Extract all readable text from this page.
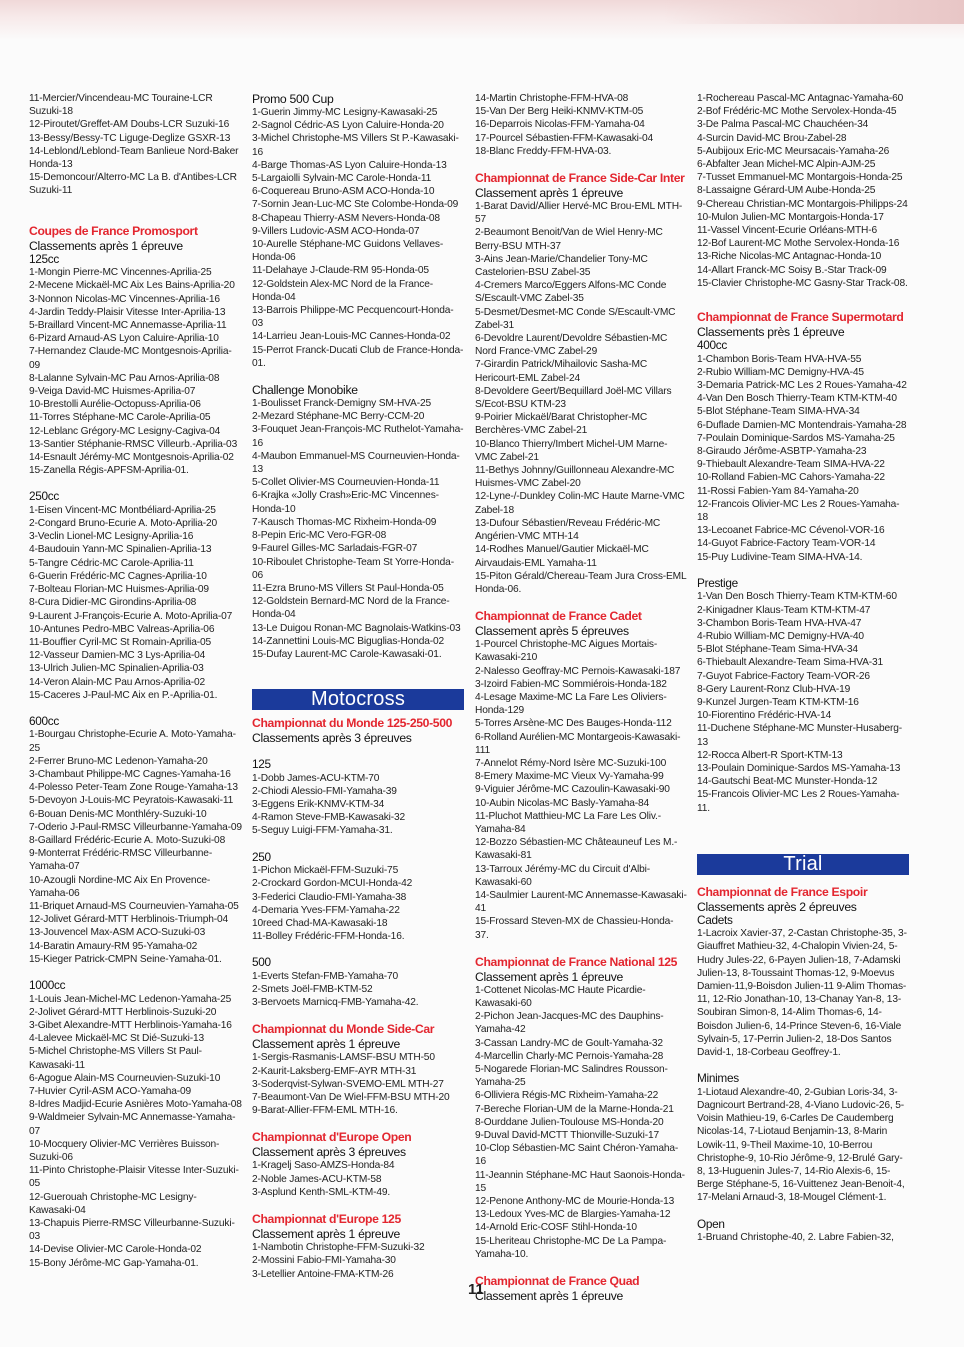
11-Mercier/Vincendeau-MC Touraine-LCR Suzuki-18
12-Piroutet/Greffet-AM Doubs-LCR Suzuki-16
13-Bessy/Bessy-TC Liguge-Deglize GSXR-13
14-Leblond/Leblond-Team Banlieue Nord-Baker Honda-13
15-Demoncour/Alterro-MC La B. d'Antibes-LCR Suzuki-11
Coupes de France Promosport
Classements après 1 épreuve
125cc
1-Mongin Pierre-MC Vincennes-Aprilia-25
2-Mecene Mickaël-MC Aix Les Bains-Aprilia-20
3-Nonnon Nicolas-MC Vincennes-Aprilia-16
4-Jardin Teddy-Plaisir Vitesse Inter-Aprilia-13
5-Braillard Vincent-MC Annemasse-Aprilia-11
6-Pizard Arnaud-AS Lyon Caluire-Aprilia-10
7-Hernandez Claude-MC Montgesnois-Aprilia-09
8-Lalanne Sylvain-MC Pau Arnos-Aprilia-08
9-Veiga David-MC Huismes-Aprilia-07
10-Brestolli Aurélie-Octopuss-Aprilia-06
11-Torres Stéphane-MC Carole-Aprilia-05
12-Leblanc Grégory-MC Lesigny-Cagiva-04
13-Santier Stéphanie-RMSC Villeurb.-Aprilia-03
14-Esnault Jérémy-MC Montgesnois-Aprilia-02
15-Zanella Régis-APFSM-Aprilia-01.
250cc
1-Eisen Vincent-MC Montbéliard-Aprilia-25
2-Congard Bruno-Ecurie A. Moto-Aprilia-20
3-Veclin Lionel-MC Lesigny-Aprilia-16
4-Baudouin Yann-MC Spinalien-Aprilia-13
5-Tangre Cédric-MC Carole-Aprilia-11
6-Guerin Frédéric-MC Cagnes-Aprilia-10
7-Bolteau Florian-MC Huismes-Aprilia-09
8-Cura Didier-MC Girondins-Aprilia-08
9-Laurent J-François-Ecurie A. Moto-Aprilia-07
10-Antunes Pedro-MBC Valreas-Aprilia-06
11-Bouffier Cyril-MC St Romain-Aprilia-05
12-Vasseur Damien-MC 3 Lys-Aprilia-04
13-Ulrich Julien-MC Spinalien-Aprilia-03
14-Veron Alain-MC Pau Arnos-Aprilia-02
15-Caceres J-Paul-MC Aix en P.-Aprilia-01.
600cc
1-Bourgau Christophe-Ecurie A. Moto-Yamaha-25
2-Ferrer Bruno-MC Ledenon-Yamaha-20
3-Chambaut Philippe-MC Cagnes-Yamaha-16
4-Polesso Peter-Team Zone Rouge-Yamaha-13
5-Devoyon J-Louis-MC Peyratois-Kawasaki-11
6-Bouan Denis-MC Monthléry-Suzuki-10
7-Oderio J-Paul-RMSC Villeurbanne-Yamaha-09
8-Gaillard Frédéric-Ecurie A. Moto-Suzuki-08
9-Monterrat Frédéric-RMSC Villeurbanne-Yamaha-07
10-Azougli Nordine-MC Aix En Provence-Yamaha-06
11-Briquet Arnaud-MS Courneuvien-Yamaha-05
12-Jolivet Gérard-MTT Herblinois-Triumph-04
13-Jouvencel Max-ASM ACO-Suzuki-03
14-Baratin Amaury-RM 95-Yamaha-02
15-Kieger Patrick-CMPN Seine-Yamaha-01.
1000cc
1-Louis Jean-Michel-MC Ledenon-Yamaha-25
2-Jolivet Gérard-MTT Herblinois-Suzuki-20
3-Gibet Alexandre-MTT Herblinois-Yamaha-16
4-Lalevee Mickaël-MC St Dié-Suzuki-13
5-Michel Christophe-MS Villers St Paul-Kawasaki-11
6-Agogue Alain-MS Courneuvien-Suzuki-10
7-Huvier Cyril-ASM ACO-Yamaha-09
8-Idres Madjid-Ecurie Asnières Moto-Yamaha-08
9-Waldmeier Sylvain-MC Annemasse-Yamaha-07
10-Mocquery Olivier-MC Verrières Buisson-Suzuki-06
11-Pinto Christophe-Plaisir Vitesse Inter-Suzuki-05
12-Guerouah Christophe-MC Lesigny-Kawasaki-04
13-Chapuis Pierre-RMSC Villeurbanne-Suzuki-03
14-Devise Olivier-MC Carole-Honda-02
15-Bony Jérôme-MC Gap-Yamaha-01.
Promo 500 Cup
1-Guerin Jimmy-MC Lesigny-Kawasaki-25
2-Sagnol Cédric-AS Lyon Caluire-Honda-20
3-Michel Christophe-MS Villers St P.-Kawasaki-16
4-Barge Thomas-AS Lyon Caluire-Honda-13
5-Largaiolli Sylvain-MC Carole-Honda-11
6-Coquereau Bruno-ASM ACO-Honda-10
7-Sornin Jean-Luc-MC Ste Colombe-Honda-09
8-Chapeau Thierry-ASM Nevers-Honda-08
9-Villers Ludovic-ASM ACO-Honda-07
10-Aurelle Stéphane-MC Guidons Vellaves-Honda-06
11-Delahaye J-Claude-RM 95-Honda-05
12-Goldstein Alex-MC Nord de la France-Honda-04
13-Barrois Philippe-MC Pecquencourt-Honda-03
14-Larrieu Jean-Louis-MC Cannes-Honda-02
15-Perrot Franck-Ducati Club de France-Honda-01.
Challenge Monobike
1-Boulisset Franck-Demigny SM-HVA-25
2-Mezard Stéphane-MC Berry-CCM-20
3-Fouquet Jean-François-MC Ruthelot-Yamaha-16
4-Maubon Emmanuel-MS Courneuvien-Honda-13
5-Collet Olivier-MS Courneuvien-Honda-11
6-Krajka «Jolly Crash»Eric-MC Vincennes-Honda-10
7-Kausch Thomas-MC Rixheim-Honda-09
8-Pepin Eric-MC Vero-FGR-08
9-Faurel Gilles-MC Sarladais-FGR-07
10-Riboulet Christophe-Team St Yorre-Honda-06
11-Ezra Bruno-MS Villers St Paul-Honda-05
12-Goldstein Bernard-MC Nord de la France-Honda-04
13-Le Duigou Ronan-MC Bagnolais-Watkins-03
14-Zannettini Louis-MC Biguglias-Honda-02
15-Dufay Laurent-MC Carole-Kawasaki-01.
Motocross
Championnat du Monde 125-250-500
Classements après 3 épreuves
125
1-Dobb James-ACU-KTM-70
2-Chiodi Alessio-FMI-Yamaha-39
3-Eggens Erik-KNMV-KTM-34
4-Ramon Steve-FMB-Kawasaki-32
5-Seguy Luigi-FFM-Yamaha-31.
250
1-Pichon Mickaël-FFM-Suzuki-75
2-Crockard Gordon-MCUI-Honda-42
3-Federici Claudio-FMI-Yamaha-38
4-Demaria Yves-FFM-Yamaha-22
10reed Chad-MA-Kawasaki-18
11-Bolley Frédéric-FFM-Honda-16.
500
1-Everts Stefan-FMB-Yamaha-70
2-Smets Joël-FMB-KTM-52
3-Bervoets Marnicq-FMB-Yamaha-42.
Championnat du Monde Side-Car
Classement après 1 épreuve
1-Sergis-Rasmanis-LAMSF-BSU MTH-50
2-Kaurit-Laksberg-EMF-AYR MTH-31
3-Soderqvist-Sylwan-SVEMO-EML MTH-27
7-Beaumont-Van De Wiel-FFM-BSU MTH-20
9-Barat-Allier-FFM-EML MTH-16.
Championnat d'Europe Open
Classement après 3 épreuves
1-Kragelj Saso-AMZS-Honda-84
2-Noble James-ACU-KTM-58
3-Asplund Kenth-SML-KTM-49.
Championnat d'Europe 125
Classement après 1 épreuve
1-Nambotin Christophe-FFM-Suzuki-32
2-Mossini Fabio-FMI-Yamaha-30
3-Letellier Antoine-FMA-KTM-26
14-Martin Christophe-FFM-HVA-08
15-Van Der Berg Heiki-KNMV-KTM-05
16-Deparrois Nicolas-FFM-Yamaha-04
17-Pourcel Sébastien-FFM-Kawasaki-04
18-Blanc Freddy-FFM-HVA-03.
Championnat de France Side-Car Inter
Classement après 1 épreuve
1-Barat David/Allier Hervé-MC Brou-EML MTH-57
2-Beaumont Benoit/Van de Wiel Henry-MC Berry-BSU MTH-37
3-Ains Jean-Marie/Chandelier Tony-MC Castelorien-BSU Zabel-35
4-Cremers Marco/Eggers Alfons-MC Conde S/Escault-VMC Zabel-35
5-Desmet/Desmet-MC Conde S/Escault-VMC Zabel-31
6-Devoldre Laurent/Devoldre Sébastien-MC Nord France-VMC Zabel-29
7-Girardin Patrick/Mihailovic Sasha-MC Hericourt-EML Zabel-24
8-Devoldere Geert/Bequillard Joël-MC Villars S/Ecot-BSU KTM-23
9-Poirier Mickaël/Barat Christopher-MC Berchères-VMC Zabel-21
10-Blanco Thierry/Imbert Michel-UM Marne-VMC Zabel-21
11-Bethys Johnny/Guillonneau Alexandre-MC Huismes-VMC Zabel-20
12-Lyne-/-Dunkley Colin-MC Haute Marne-VMC Zabel-18
13-Dufour Sébastien/Reveau Frédéric-MC Angérien-VMC MTH-14
14-Rodhes Manuel/Gautier Mickaël-MC Airvaudais-EML Yamaha-11
15-Piton Gérald/Chereau-Team Jura Cross-EML Honda-06.
Championnat de France Cadet
Classement après 5 épreuves
1-Pourcel Christophe-MC Aigues Mortais-Kawasaki-210
2-Nalesso Geoffray-MC Pernois-Kawasaki-187
3-Izoird Fabien-MC Sommiérois-Honda-182
4-Lesage Maxime-MC La Fare Les Oliviers-Honda-129
5-Torres Arsène-MC Des Bauges-Honda-112
6-Rolland Aurélien-MC Montargeois-Kawasaki-111
7-Annelot Rémy-Nord Isère MC-Suzuki-100
8-Emery Maxime-MC Vieux Vy-Yamaha-99
9-Viguier Jérôme-MC Cazoulin-Kawasaki-90
10-Aubin Nicolas-MC Basly-Yamaha-84
11-Pluchot Matthieu-MC La Fare Les Oliv.-Yamaha-84
12-Bozzo Sébastien-MC Châteauneuf Les M.-Kawasaki-81
13-Tarroux Jérémy-MC du Circuit d'Albi-Kawasaki-60
14-Saulmier Laurent-MC Annemasse-Kawasaki-41
15-Frossard Steven-MX de Chassieu-Honda-37.
Championnat de France National 125
Classement après 1 épreuve
1-Cottenet Nicolas-MC Haute Picardie-Kawasaki-60
2-Pichon Jean-Jacques-MC des Dauphins-Yamaha-42
3-Cassan Landry-MC de Goult-Yamaha-32
4-Marcellin Charly-MC Pernois-Yamaha-28
5-Nogarede Florian-MC Salindres Rousson-Yamaha-25
6-Olliviera Régis-MC Rixheim-Yamaha-22
7-Bereche Florian-UM de la Marne-Honda-21
8-Ourddane Julien-Toulouse MS-Honda-20
9-Duval David-MCTT Thionville-Suzuki-17
10-Clop Sébastien-MC Saint Chéron-Yamaha-16
11-Jeannin Stéphane-MC Haut Saonois-Honda-15
12-Penone Anthony-MC de Mourie-Honda-13
13-Ledoux Yves-MC de Blargies-Yamaha-12
14-Arnold Eric-COSF Stihl-Honda-10
15-Lheriteau Christophe-MC De La Pampa-Yamaha-10.
Championnat de France Quad
Classement après 1 épreuve
1-Rochereau Pascal-MC Antagnac-Yamaha-60
2-Bof Frédéric-MC Mothe Servolex-Honda-45
3-De Palma Pascal-MC Chauchéen-34
4-Surcin David-MC Brou-Zabel-28
5-Aubijoux Eric-MC Meursacais-Yamaha-26
6-Abfalter Jean Michel-MC Alpin-AJM-25
7-Tusset Emmanuel-MC Montargois-Honda-25
8-Lassaigne Gérard-UM Aube-Honda-25
9-Chereau Christian-MC Montargois-Philipps-24
10-Mulon Julien-MC Montargois-Honda-17
11-Vassel Vincent-Ecurie Orléans-MTH-6
12-Bof Laurent-MC Mothe Servolex-Honda-16
13-Riche Nicolas-MC Antagnac-Honda-10
14-Allart Franck-MC Soisy B.-Star Track-09
15-Clavier Christophe-MC Gasny-Star Track-08.
Championnat de France Supermotard
Classements près 1 épreuve
400cc
1-Chambon Boris-Team HVA-HVA-55
2-Rubio William-MC Demigny-HVA-45
3-Demaria Patrick-MC Les 2 Roues-Yamaha-42
4-Van Den Bosch Thierry-Team KTM-KTM-40
5-Blot Stéphane-Team SIMA-HVA-34
6-Duflade Damien-MC Montendrais-Yamaha-28
7-Poulain Dominique-Sardos MS-Yamaha-25
8-Giraudo Jérôme-ASBTP-Yamaha-23
9-Thiebault Alexandre-Team SIMA-HVA-22
10-Rolland Fabien-MC Cahors-Yamaha-22
11-Rossi Fabien-Yam 84-Yamaha-20
12-Francois Olivier-MC Les 2 Roues-Yamaha-18
13-Lecoanet Fabrice-MC Cévenol-VOR-16
14-Guyot Fabrice-Factory Team-VOR-14
15-Puy Ludivine-Team SIMA-HVA-14.
Prestige
1-Van Den Bosch Thierry-Team KTM-KTM-60
2-Kinigadner Klaus-Team KTM-KTM-47
3-Chambon Boris-Team HVA-HVA-47
4-Rubio William-MC Demigny-HVA-40
5-Blot Stéphane-Team Sima-HVA-34
6-Thiebault Alexandre-Team Sima-HVA-31
7-Guyot Fabrice-Factory Team-VOR-26
8-Gery Laurent-Ronz Club-HVA-19
9-Kunzel Jurgen-Team KTM-KTM-16
10-Fiorentino Frédéric-HVA-14
11-Duchene Stéphane-MC Munster-Husaberg-13
12-Rocca Albert-R Sport-KTM-13
13-Poulain Dominique-Sardos MS-Yamaha-13
14-Gautschi Beat-MC Munster-Honda-12
15-Francois Olivier-MC Les 2 Roues-Yamaha-11.
Trial
Championnat de France Espoir
Classements après 2 épreuves
Cadets
1-Lacroix Xavier-37, 2-Castan Christophe-35, 3-Giauffret Mathieu-32, 4-Chalopin Vivien-24, 5-Hudry Jules-22, 6-Payen Julien-18, 7-Adamski Julien-13, 8-Toussaint Thomas-12, 9-Moevus Damien-11,9-Boisdon Julien-11 9-Alim Thomas-11, 12-Rio Jonathan-10, 13-Chanay Yan-8, 13-Soubiran Simon-8, 14-Alim Thomas-6, 14-Boisdon Julien-6, 14-Prince Steven-6, 16-Viale Sylvain-5, 17-Perrin Julien-2, 18-Dos Santos David-1, 18-Corbeau Geoffrey-1.
Minimes
1-Liotaud Alexandre-40, 2-Gubian Loris-34, 3-Dagnicourt Bertrand-28, 4-Viano Ludovic-26, 5-Voisin Mathieu-19, 6-Carles De Caudemberg Nicolas-14, 7-Liotaud Benjamin-13, 8-Marin Lowik-11, 9-Theil Maxime-10, 10-Berrou Christophe-9, 10-Rio Jérôme-9, 12-Brulé Gary-8, 13-Huguenin Jules-7, 14-Rio Alexis-6, 15-Berge Stéphane-5, 16-Vuittenez Jean-Benoit-4, 17-Melani Arnaud-3, 18-Mougel Clément-1.
Open
1-Bruand Christophe-40, 2. Labre Fabien-32,
11
